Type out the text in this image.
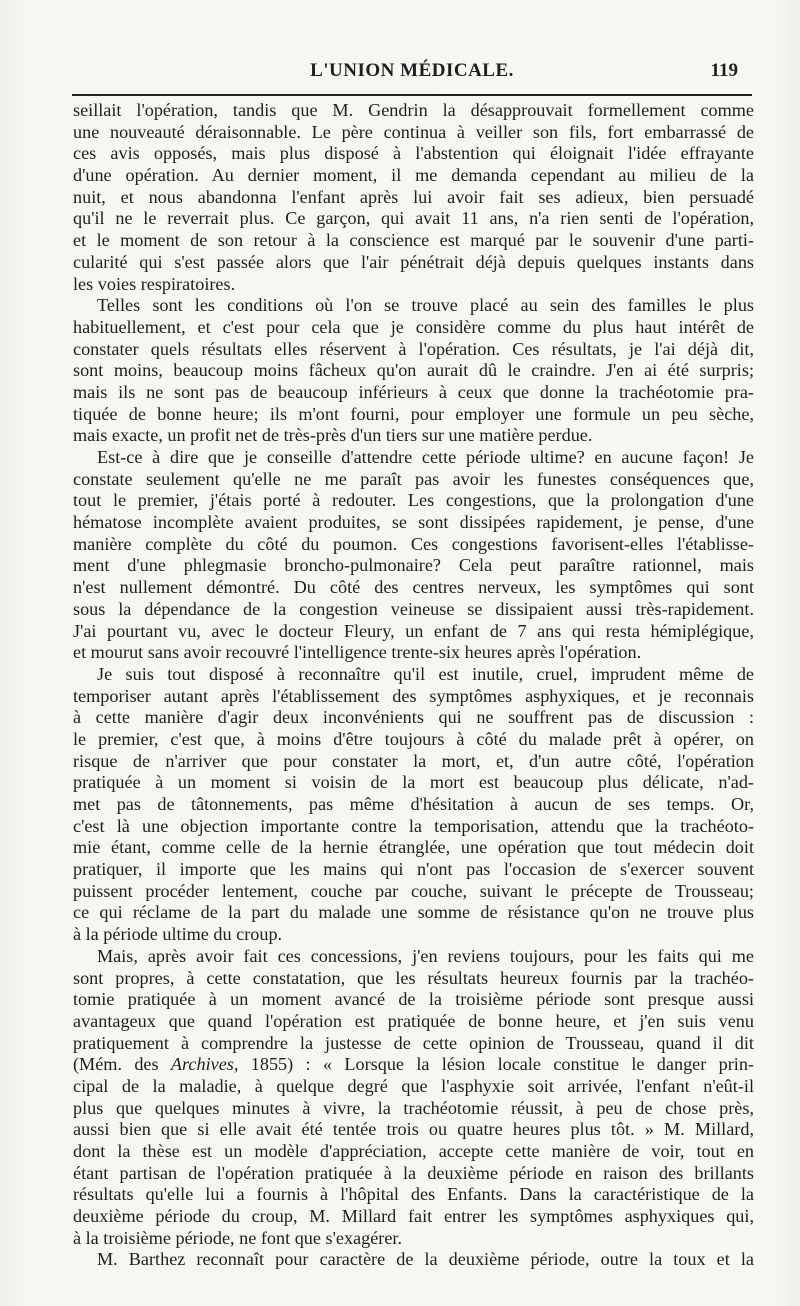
L'UNION MÉDICALE.	119
seillait l'opération, tandis que M. Gendrin la désapprouvait formellement comme
une nouveauté déraisonnable. Le père continua à veiller son fils, fort embarrassé de
ces avis opposés, mais plus disposé à l'abstention qui éloignait l'idée effrayante
d'une opération. Au dernier moment, il me demanda cependant au milieu de la
nuit, et nous abandonna l'enfant après lui avoir fait ses adieux, bien persuadé
qu'il ne le reverrait plus. Ce garçon, qui avait 11 ans, n'a rien senti de l'opération,
et le moment de son retour à la conscience est marqué par le souvenir d'une parti-
cularité qui s'est passée alors que l'air pénétrait déjà depuis quelques instants dans
les voies respiratoires.
Telles sont les conditions où l'on se trouve placé au sein des familles le plus
habituellement, et c'est pour cela que je considère comme du plus haut intérêt de
constater quels résultats elles réservent à l'opération. Ces résultats, je l'ai déjà dit,
sont moins, beaucoup moins fâcheux qu'on aurait dû le craindre. J'en ai été surpris;
mais ils ne sont pas de beaucoup inférieurs à ceux que donne la trachéotomie pra-
tiquée de bonne heure; ils m'ont fourni, pour employer une formule un peu sèche,
mais exacte, un profit net de très-près d'un tiers sur une matière perdue.
Est-ce à dire que je conseille d'attendre cette période ultime? en aucune façon! Je
constate seulement qu'elle ne me paraît pas avoir les funestes conséquences que,
tout le premier, j'étais porté à redouter. Les congestions, que la prolongation d'une
hématose incomplète avaient produites, se sont dissipées rapidement, je pense, d'une
manière complète du côté du poumon. Ces congestions favorisent-elles l'établisse-
ment d'une phlegmasie broncho-pulmonaire? Cela peut paraître rationnel, mais
n'est nullement démontré. Du côté des centres nerveux, les symptômes qui sont
sous la dépendance de la congestion veineuse se dissipaient aussi très-rapidement.
J'ai pourtant vu, avec le docteur Fleury, un enfant de 7 ans qui resta hémiplégique,
et mourut sans avoir recouvré l'intelligence trente-six heures après l'opération.
Je suis tout disposé à reconnaître qu'il est inutile, cruel, imprudent même de
temporiser autant après l'établissement des symptômes asphyxiques, et je reconnais
à cette manière d'agir deux inconvénients qui ne souffrent pas de discussion :
le premier, c'est que, à moins d'être toujours à côté du malade prêt à opérer, on
risque de n'arriver que pour constater la mort, et, d'un autre côté, l'opération
pratiquée à un moment si voisin de la mort est beaucoup plus délicate, n'ad-
met pas de tâtonnements, pas même d'hésitation à aucun de ses temps. Or,
c'est là une objection importante contre la temporisation, attendu que la trachéoto-
mie étant, comme celle de la hernie étranglée, une opération que tout médecin doit
pratiquer, il importe que les mains qui n'ont pas l'occasion de s'exercer souvent
puissent procéder lentement, couche par couche, suivant le précepte de Trousseau;
ce qui réclame de la part du malade une somme de résistance qu'on ne trouve plus
à la période ultime du croup.
Mais, après avoir fait ces concessions, j'en reviens toujours, pour les faits qui me
sont propres, à cette constatation, que les résultats heureux fournis par la trachéo-
tomie pratiquée à un moment avancé de la troisième période sont presque aussi
avantageux que quand l'opération est pratiquée de bonne heure, et j'en suis venu
pratiquement à comprendre la justesse de cette opinion de Trousseau, quand il dit
(Mém. des Archives, 1855) : « Lorsque la lésion locale constitue le danger prin-
cipal de la maladie, à quelque degré que l'asphyxie soit arrivée, l'enfant n'eût-il
plus que quelques minutes à vivre, la trachéotomie réussit, à peu de chose près,
aussi bien que si elle avait été tentée trois ou quatre heures plus tôt. » M. Millard,
dont la thèse est un modèle d'appréciation, accepte cette manière de voir, tout en
étant partisan de l'opération pratiquée à la deuxième période en raison des brillants
résultats qu'elle lui a fournis à l'hôpital des Enfants. Dans la caractéristique de la
deuxième période du croup, M. Millard fait entrer les symptômes asphyxiques qui,
à la troisième période, ne font que s'exagérer.
M. Barthez reconnaît pour caractère de la deuxième période, outre la toux et la
